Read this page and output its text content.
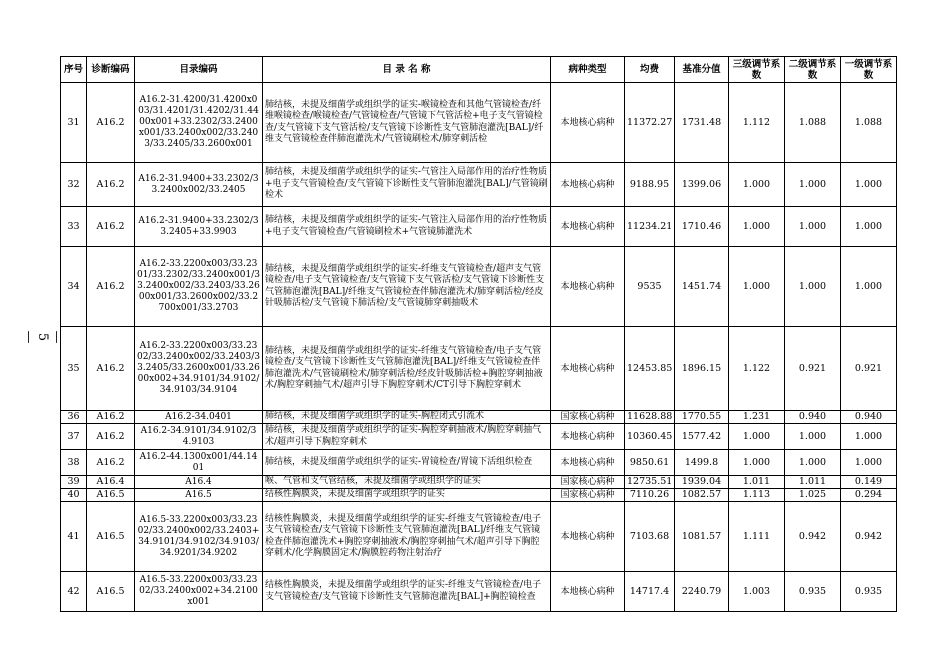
— 5 —
序号	诊断编码	目录编码	目 录 名 称	病种类型	均费	基准分值	三级调节系数	二级调节系数	一级调节系数
31	A16.2	A16.2-31.4200/31.4200x003/31.4201/31.4202/31.4400x001+33.2302/33.2400x001/33.2400x002/33.2403/33.2405/33.2600x001	肺结核，未提及细菌学或组织学的证实-喉镜检查和其他气管镜检查/纤维喉镜检查/喉镜检查/气管镜检查/气管镜下气管活检+电子支气管镜检查/支气管镜下支气管活检/支气管镜下诊断性支气管肺泡灌洗[BAL]/纤维支气管镜检查伴肺泡灌洗术/气管镜刷检术/肺穿刺活检	本地核心病种	11372.27	1731.48	1.112	1.088	1.088
32	A16.2	A16.2-31.9400+33.2302/33.2400x002/33.2405	肺结核，未提及细菌学或组织学的证实-气管注入局部作用的治疗性物质+电子支气管镜检查/支气管镜下诊断性支气管肺泡灌洗[BAL]/气管镜刷检术	本地核心病种	9188.95	1399.06	1.000	1.000	1.000
33	A16.2	A16.2-31.9400+33.2302/33.2405+33.9903	肺结核，未提及细菌学或组织学的证实-气管注入局部作用的治疗性物质+电子支气管镜检查/气管镜刷检术+气管镜肺灌洗术	本地核心病种	11234.21	1710.46	1.000	1.000	1.000
34	A16.2	A16.2-33.2200x003/33.2301/33.2302/33.2400x001/33.2400x002/33.2403/33.2600x001/33.2600x002/33.2700x001/33.2703	肺结核，未提及细菌学或组织学的证实-纤维支气管镜检查/超声支气管镜检查/电子支气管镜检查/支气管镜下支气管活检/支气管镜下诊断性支气管肺泡灌洗[BAL]/纤维支气管镜检查伴肺泡灌洗术/肺穿刺活检/经皮针吸肺活检/支气管镜下肺活检/支气管镜肺穿刺抽吸术	本地核心病种	9535	1451.74	1.000	1.000	1.000
35	A16.2	A16.2-33.2200x003/33.2302/33.2400x002/33.2403/33.2405/33.2600x001/33.2600x002+34.9101/34.9102/34.9103/34.9104	肺结核，未提及细菌学或组织学的证实-纤维支气管镜检查/电子支气管镜检查/支气管镜下诊断性支气管肺泡灌洗[BAL]/纤维支气管镜检查伴肺泡灌洗术/气管镜刷检术/肺穿刺活检/经皮针吸肺活检+胸腔穿刺抽液术/胸腔穿刺抽气术/超声引导下胸腔穿刺术/CT引导下胸腔穿刺术	本地核心病种	12453.85	1896.15	1.122	0.921	0.921
36	A16.2	A16.2-34.0401	肺结核，未提及细菌学或组织学的证实-胸腔闭式引流术	国家核心病种	11628.88	1770.55	1.231	0.940	0.940
37	A16.2	A16.2-34.9101/34.9102/34.9103	肺结核，未提及细菌学或组织学的证实-胸腔穿刺抽液术/胸腔穿刺抽气术/超声引导下胸腔穿刺术	本地核心病种	10360.45	1577.42	1.000	1.000	1.000
38	A16.2	A16.2-44.1300x001/44.1401	肺结核，未提及细菌学或组织学的证实-胃镜检查/胃镜下活组织检查	本地核心病种	9850.61	1499.8	1.000	1.000	1.000
39	A16.4	A16.4	喉、气管和支气管结核，未提及细菌学或组织学的证实	国家核心病种	12735.51	1939.04	1.011	1.011	0.149
40	A16.5	A16.5	结核性胸膜炎，未提及细菌学或组织学的证实	国家核心病种	7110.26	1082.57	1.113	1.025	0.294
41	A16.5	A16.5-33.2200x003/33.2302/33.2400x002/33.2403+34.9101/34.9102/34.9103/34.9201/34.9202	结核性胸膜炎，未提及细菌学或组织学的证实-纤维支气管镜检查/电子支气管镜检查/支气管镜下诊断性支气管肺泡灌洗[BAL]/纤维支气管镜检查伴肺泡灌洗术+胸腔穿刺抽液术/胸腔穿刺抽气术/超声引导下胸腔穿刺术/化学胸膜固定术/胸膜腔药物注射治疗	本地核心病种	7103.68	1081.57	1.111	0.942	0.942
42	A16.5	A16.5-33.2200x003/33.2302/33.2400x002+34.2100x001	结核性胸膜炎，未提及细菌学或组织学的证实-纤维支气管镜检查/电子支气管镜检查/支气管镜下诊断性支气管肺泡灌洗[BAL]+胸腔镜检查	本地核心病种	14717.4	2240.79	1.003	0.935	0.935
